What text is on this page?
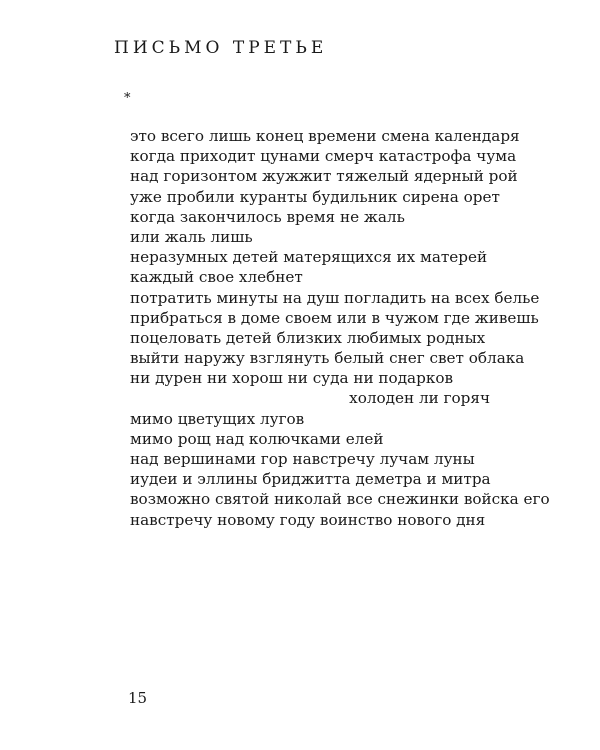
ПИСЬМО ТРЕТЬЕ
*
это всего лишь конец времени смена календаря
когда приходит цунами смерч катастрофа чума
над горизонтом жужжит тяжелый ядерный рой
уже пробили куранты будильник сирена орет
когда закончилось время не жаль
или жаль лишь
неразумных детей матерящихся их матерей
каждый свое хлебнет
потратить минуты на душ погладить на всех белье
прибраться в доме своем или в чужом где живешь
поцеловать детей близких любимых родных
выйти наружу взглянуть белый снег свет облака
ни дурен ни хорош ни суда ни подарков
холоден ли горяч
мимо цветущих лугов
мимо рощ над колючками елей
над вершинами гор навстречу лучам луны
иудеи и эллины бриджитта деметра и митра
возможно святой николай все снежинки войска его
навстречу новому году воинство нового дня
15
